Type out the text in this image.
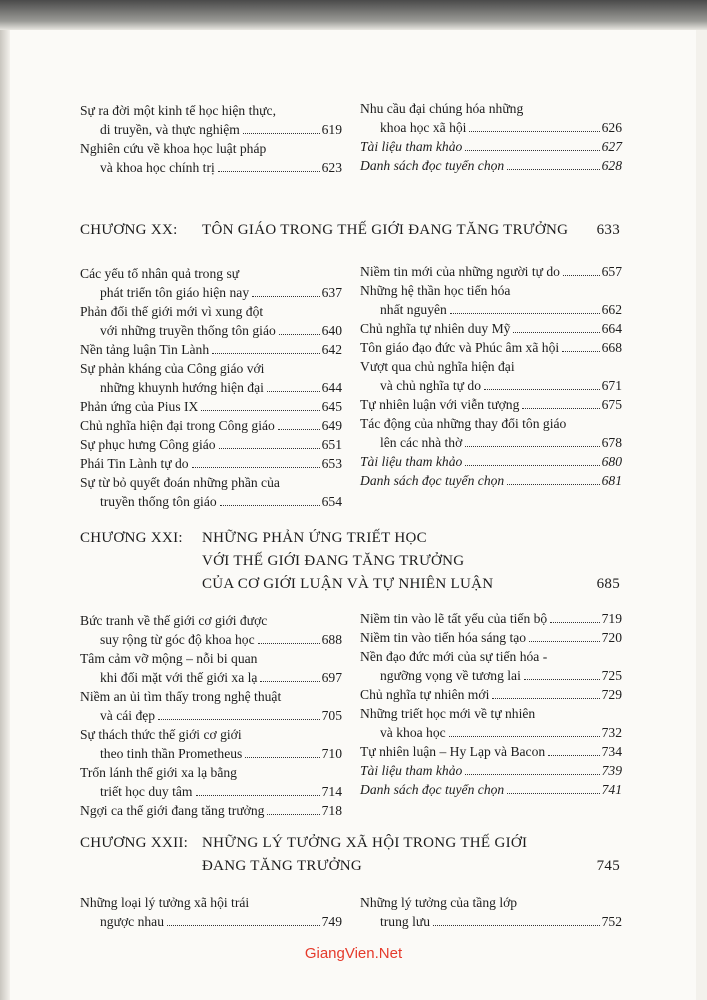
Sự ra đời một kinh tế học hiện thực,
di truyền, và thực nghiệm	619
Nghiên cứu về khoa học luật pháp
và khoa học chính trị	623
Nhu cầu đại chúng hóa những
khoa học xã hội	626
Tài liệu tham khảo	627
Danh sách đọc tuyển chọn	628
CHƯƠNG XX: TÔN GIÁO TRONG THẾ GIỚI ĐANG TĂNG TRƯỞNG 633
Các yếu tố nhân quả trong sự
phát triển tôn giáo hiện nay	637
Phản đối thế giới mới vì xung đột
với những truyền thống tôn giáo	640
Nền tảng luận Tin Lành	642
Sự phản kháng của Công giáo với
những khuynh hướng hiện đại	644
Phản ứng của Pius IX	645
Chủ nghĩa hiện đại trong Công giáo	649
Sự phục hưng Công giáo	651
Phái Tin Lành tự do	653
Sự từ bỏ quyết đoán những phần của
truyền thống tôn giáo	654
Niềm tin mới của những người tự do	657
Những hệ thần học tiến hóa
nhất nguyên	662
Chủ nghĩa tự nhiên duy Mỹ	664
Tôn giáo đạo đức và Phúc âm xã hội	668
Vượt qua chủ nghĩa hiện đại
và chủ nghĩa tự do	671
Tự nhiên luận với viễn tượng	675
Tác động của những thay đổi tôn giáo
lên các nhà thờ	678
Tài liệu tham khảo	680
Danh sách đọc tuyển chọn	681
CHƯƠNG XXI: NHỮNG PHẢN ỨNG TRIẾT HỌC
VỚI THẾ GIỚI ĐANG TĂNG TRƯỞNG
CỦA CƠ GIỚI LUẬN VÀ TỰ NHIÊN LUẬN	685
Bức tranh về thế giới cơ giới được
suy rộng từ góc độ khoa học	688
Tâm cảm vỡ mộng – nỗi bi quan
khi đối mặt với thế giới xa lạ	697
Niềm an ủi tìm thấy trong nghệ thuật
và cái đẹp	705
Sự thách thức thế giới cơ giới
theo tinh thần Prometheus	710
Trốn lánh thế giới xa lạ bằng
triết học duy tâm	714
Ngợi ca thế giới đang tăng trưởng	718
Niềm tin vào lẽ tất yếu của tiến bộ	719
Niềm tin vào tiến hóa sáng tạo	720
Nền đạo đức mới của sự tiến hóa -
ngưỡng vọng về tương lai	725
Chủ nghĩa tự nhiên mới	729
Những triết học mới về tự nhiên
và khoa học	732
Tự nhiên luận – Hy Lạp và Bacon	734
Tài liệu tham khảo	739
Danh sách đọc tuyển chọn	741
CHƯƠNG XXII: NHỮNG LÝ TƯỞNG XÃ HỘI TRONG THẾ GIỚI
ĐANG TĂNG TRƯỞNG	745
Những loại lý tưởng xã hội trái
ngược nhau	749
Những lý tưởng của tầng lớp
trung lưu	752
GiangVien.Net
